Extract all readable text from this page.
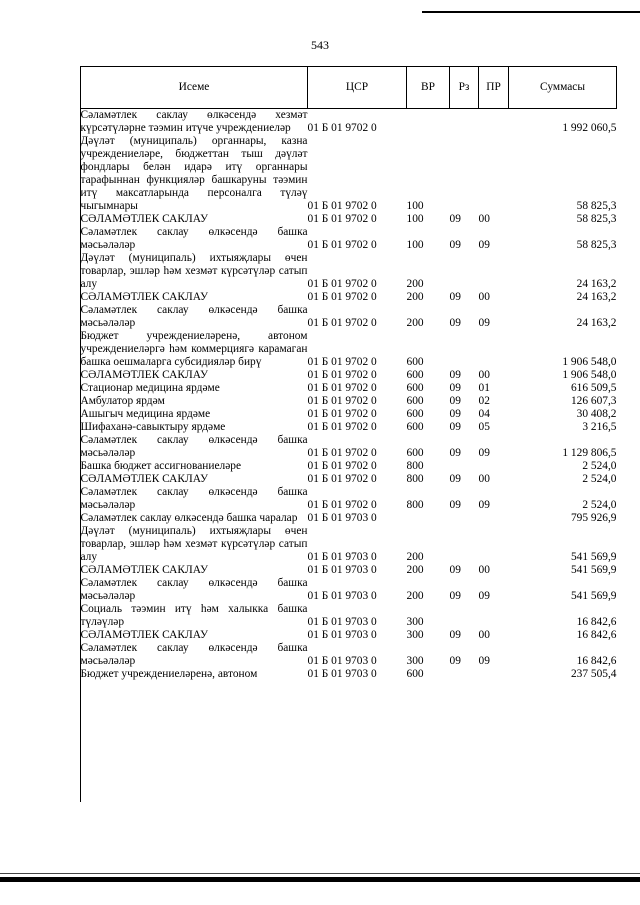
543
Исеме	ЦСР	ВР	Рз	ПР	Суммасы
Сәламәтлек саклау өлкәсендә хезмәт күрсәтүләрне тәэмин итүче учреждениеләр	01 Б 01 9702 0				1 992 060,5
Дәүләт (муниципаль) органнары, казна учреждениеләре, бюджеттан тыш дәүләт фондлары белән идарә итү органнары тарафыннан функцияләр башкаруны тәэмин итү максатларында персоналга түләү чыгымнары	01 Б 01 9702 0	100			58 825,3
СӘЛАМӘТЛЕК САКЛАУ	01 Б 01 9702 0	100	09	00	58 825,3
Сәламәтлек саклау өлкәсендә башка мәсьәләләр	01 Б 01 9702 0	100	09	09	58 825,3
Дәүләт (муниципаль) ихтыяҗлары өчен товарлар, эшләр һәм хезмәт күрсәтүләр сатып алу	01 Б 01 9702 0	200			24 163,2
СӘЛАМӘТЛЕК САКЛАУ	01 Б 01 9702 0	200	09	00	24 163,2
Сәламәтлек саклау өлкәсендә башка мәсьәләләр	01 Б 01 9702 0	200	09	09	24 163,2
Бюджет учреждениеләренә, автоном учреждениеләргә һәм коммерциягә карамаган башка оешмаларга субсидияләр бирү	01 Б 01 9702 0	600			1 906 548,0
СӘЛАМӘТЛЕК САКЛАУ	01 Б 01 9702 0	600	09	00	1 906 548,0
Стационар медицина ярдәме	01 Б 01 9702 0	600	09	01	616 509,5
Амбулатор ярдәм	01 Б 01 9702 0	600	09	02	126 607,3
Ашыгыч медицина ярдәме	01 Б 01 9702 0	600	09	04	30 408,2
Шифаханә-савыктыру ярдәме	01 Б 01 9702 0	600	09	05	3 216,5
Сәламәтлек саклау өлкәсендә башка мәсьәләләр	01 Б 01 9702 0	600	09	09	1 129 806,5
Башка бюджет ассигнованиеләре	01 Б 01 9702 0	800			2 524,0
СӘЛАМӘТЛЕК САКЛАУ	01 Б 01 9702 0	800	09	00	2 524,0
Сәламәтлек саклау өлкәсендә башка мәсьәләләр	01 Б 01 9702 0	800	09	09	2 524,0
Сәламәтлек саклау өлкәсендә башка чаралар	01 Б 01 9703 0				795 926,9
Дәүләт (муниципаль) ихтыяҗлары өчен товарлар, эшләр һәм хезмәт күрсәтүләр сатып алу	01 Б 01 9703 0	200			541 569,9
СӘЛАМӘТЛЕК САКЛАУ	01 Б 01 9703 0	200	09	00	541 569,9
Сәламәтлек саклау өлкәсендә башка мәсьәләләр	01 Б 01 9703 0	200	09	09	541 569,9
Социаль тәэмин итү һәм халыкка башка түләүләр	01 Б 01 9703 0	300			16 842,6
СӘЛАМӘТЛЕК САКЛАУ	01 Б 01 9703 0	300	09	00	16 842,6
Сәламәтлек саклау өлкәсендә башка мәсьәләләр	01 Б 01 9703 0	300	09	09	16 842,6
Бюджет учреждениеләренә, автоном	01 Б 01 9703 0	600			237 505,4
